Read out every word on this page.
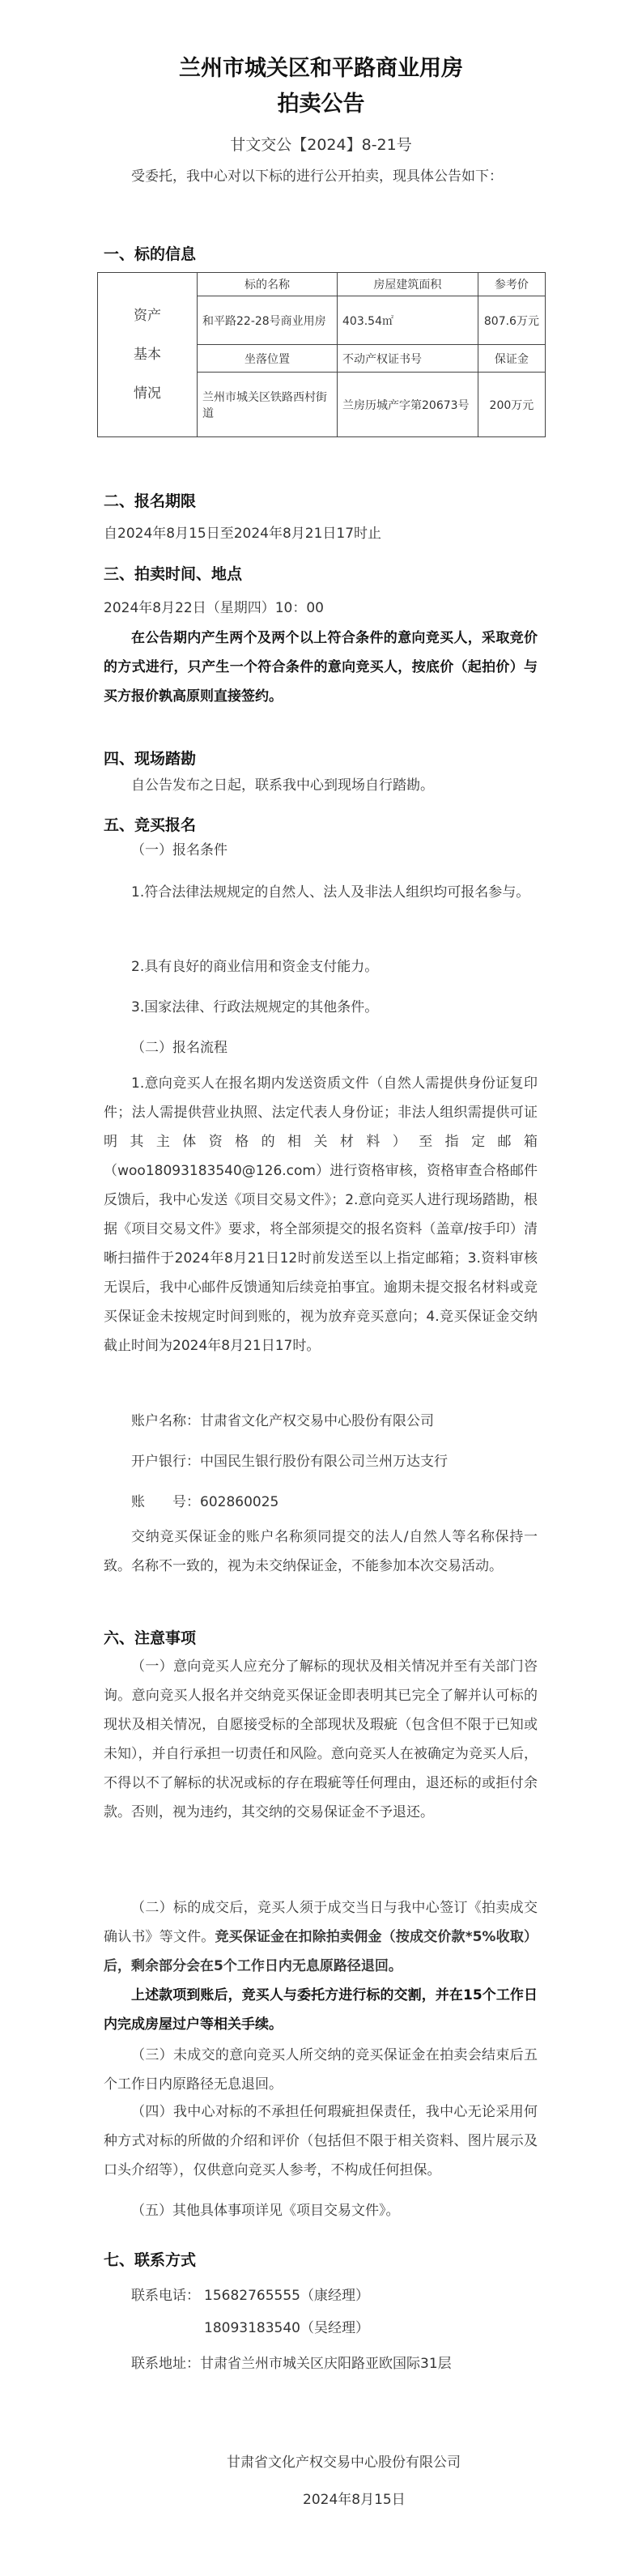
兰州市城关区和平路商业用房
拍卖公告
甘文交公【2024】8-21号
受委托，我中心对以下标的进行公开拍卖，现具体公告如下：
一、标的信息
资产
基本
情况	标的名称	房屋建筑面积	参考价
	和平路22-28号商业用房	403.54㎡	807.6万元
	坐落位置	不动产权证书号	保证金
	兰州市城关区铁路西村街道	兰房历城产字第20673号	200万元
二、报名期限
自2024年8月15日至2024年8月21日17时止
三、拍卖时间、地点
2024年8月22日（星期四）10：00
在公告期内产生两个及两个以上符合条件的意向竞买人，采取竞价的方式进行，只产生一个符合条件的意向竞买人，按底价（起拍价）与买方报价孰高原则直接签约。
四、现场踏勘
自公告发布之日起，联系我中心到现场自行踏勘。
五、竞买报名
（一）报名条件
1.符合法律法规规定的自然人、法人及非法人组织均可报名参与。
2.具有良好的商业信用和资金支付能力。
3.国家法律、行政法规规定的其他条件。
（二）报名流程
1.意向竞买人在报名期内发送资质文件（自然人需提供身份证复印件；法人需提供营业执照、法定代表人身份证；非法人组织需提供可证明其主体资格的相关材料）至指定邮箱（woo18093183540@126.com）进行资格审核，资格审查合格邮件反馈后，我中心发送《项目交易文件》；2.意向竞买人进行现场踏勘，根据《项目交易文件》要求，将全部须提交的报名资料（盖章/按手印）清晰扫描件于2024年8月21日12时前发送至以上指定邮箱；3.资料审核无误后，我中心邮件反馈通知后续竞拍事宜。逾期未提交报名材料或竞买保证金未按规定时间到账的，视为放弃竞买意向；4.竞买保证金交纳截止时间为2024年8月21日17时。
账户名称：甘肃省文化产权交易中心股份有限公司
开户银行：中国民生银行股份有限公司兰州万达支行
账　　号：602860025
交纳竞买保证金的账户名称须同提交的法人/自然人等名称保持一致。名称不一致的，视为未交纳保证金，不能参加本次交易活动。
六、注意事项
（一）意向竞买人应充分了解标的现状及相关情况并至有关部门咨询。意向竞买人报名并交纳竞买保证金即表明其已完全了解并认可标的现状及相关情况，自愿接受标的全部现状及瑕疵（包含但不限于已知或未知），并自行承担一切责任和风险。意向竞买人在被确定为竞买人后，不得以不了解标的状况或标的存在瑕疵等任何理由，退还标的或拒付余款。否则，视为违约，其交纳的交易保证金不予退还。
（二）标的成交后，竞买人须于成交当日与我中心签订《拍卖成交确认书》等文件。竞买保证金在扣除拍卖佣金（按成交价款*5%收取）后，剩余部分会在5个工作日内无息原路径退回。
上述款项到账后，竞买人与委托方进行标的交割，并在15个工作日内完成房屋过户等相关手续。
（三）未成交的意向竞买人所交纳的竞买保证金在拍卖会结束后五个工作日内原路径无息退回。
（四）我中心对标的不承担任何瑕疵担保责任，我中心无论采用何种方式对标的所做的介绍和评价（包括但不限于相关资料、图片展示及口头介绍等），仅供意向竞买人参考，不构成任何担保。
（五）其他具体事项详见《项目交易文件》。
七、联系方式
联系电话： 15682765555（康经理）
18093183540（吴经理）
联系地址：甘肃省兰州市城关区庆阳路亚欧国际31层
甘肃省文化产权交易中心股份有限公司
2024年8月15日
